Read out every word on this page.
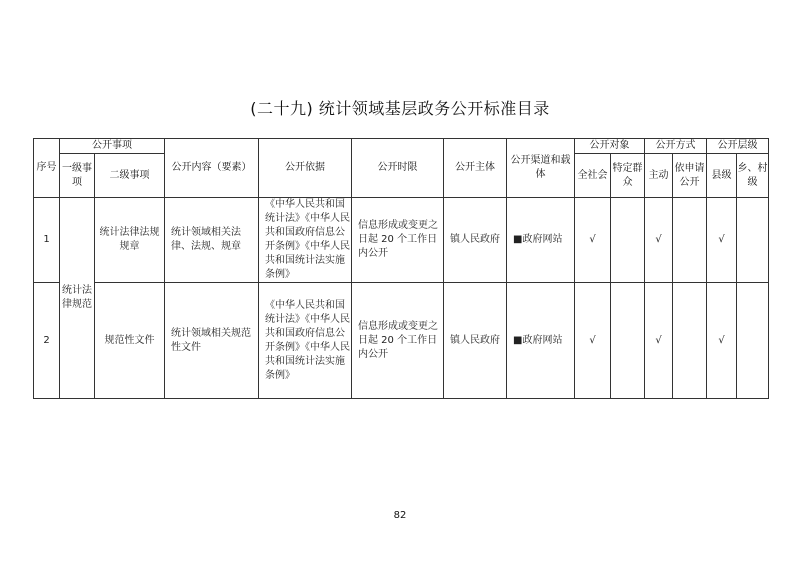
(二十九) 统计领域基层政务公开标准目录
序号	公开事项		公开内容（要素）	公开依据	公开时限	公开主体	公开渠道和载体	公开对象		公开方式		公开层级	
	一级事项	二级事项						全社会	特定群众	主动	依申请公开	县级	乡、村级
1	统计法律规范	统计法律法规规章	统计领域相关法律、法规、规章	《中华人民共和国统计法》《中华人民共和国政府信息公开条例》《中华人民共和国统计法实施条例》	信息形成或变更之日起 20 个工作日内公开	镇人民政府	■政府网站	√		√		√	
2		规范性文件	统计领域相关规范性文件	《中华人民共和国统计法》《中华人民共和国政府信息公开条例》《中华人民共和国统计法实施条例》	信息形成或变更之日起 20 个工作日内公开	镇人民政府	■政府网站	√		√		√	
82
